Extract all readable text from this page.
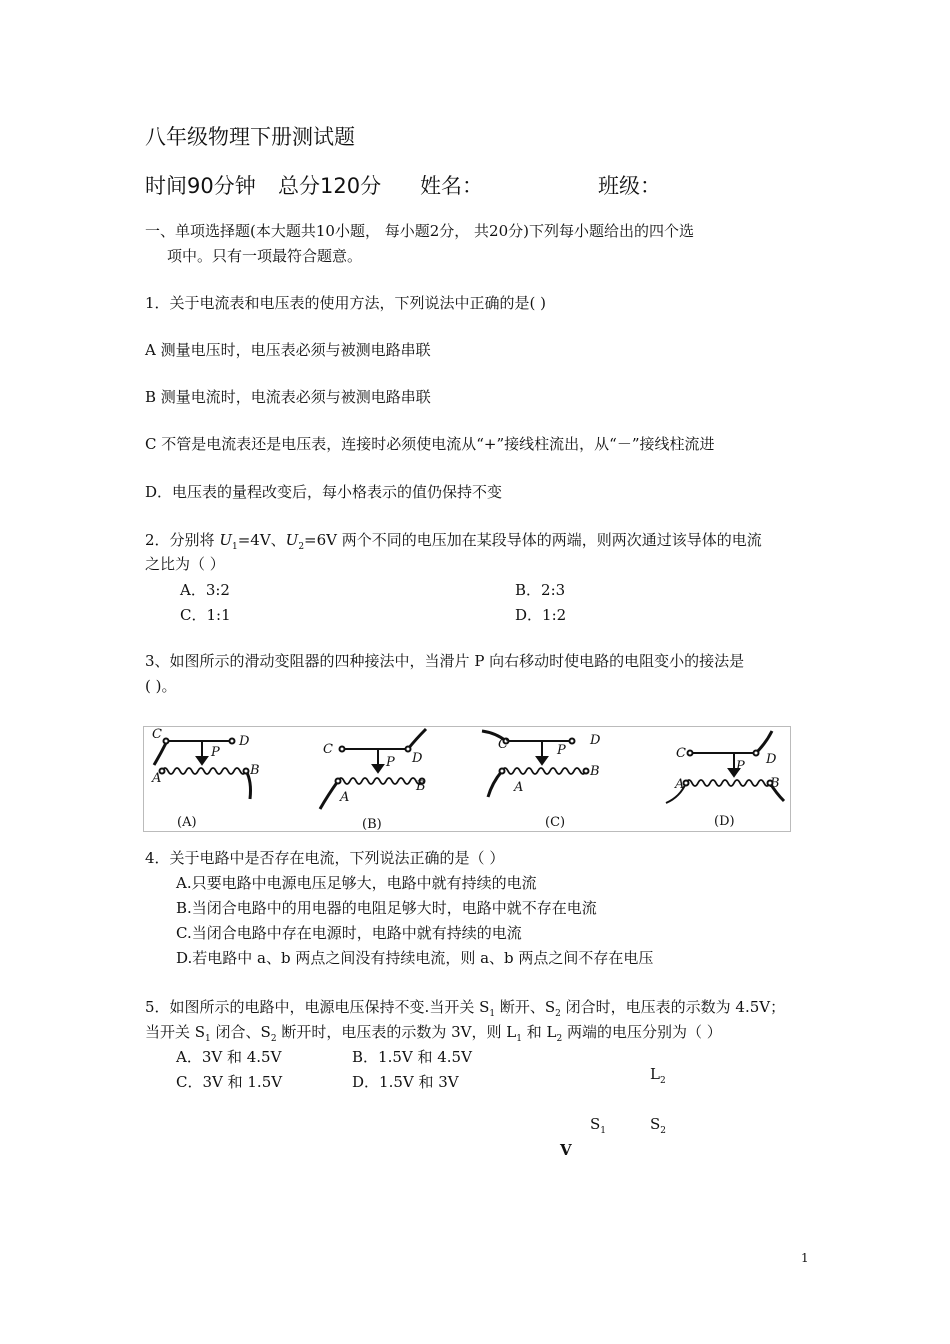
八年级物理下册测试题
时间90分钟 总分120分 姓名：	班级：
一、单项选择题(本大题共10小题， 每小题2分， 共20分)下列每小题给出的四个选
项中。只有一项最符合题意。
1．关于电流表和电压表的使用方法，下列说法中正确的是( )
A 测量电压时，电压表必须与被测电路串联
B 测量电流时，电流表必须与被测电路串联
C 不管是电流表还是电压表，连接时必须使电流从“+”接线柱流出，从“－”接线柱流进
D．电压表的量程改变后，每小格表示的值仍保持不变
2．分别将 $U_1=4V$、$U_2=6V$ 两个不同的电压加在某段导体的两端，则两次通过该导体的电流
之比为（ ）
A．3:2	B．2:3
C．1:1	D．1:2
3、如图所示的滑动变阻器的四种接法中，当滑片 P 向右移动时使电路的电阻变小的接法是
( )。
C	D
P
A
B
(A)
C
D
P
A
B
(B)
C	D
P
A
B
(C)
C	D
P
A	B
(D)
4．关于电路中是否存在电流，下列说法正确的是（ ）
A.只要电路中电源电压足够大，电路中就有持续的电流
B.当闭合电路中的用电器的电阻足够大时，电路中就不存在电流
C.当闭合电路中存在电源时，电路中就有持续的电流
D.若电路中 a、b 两点之间没有持续电流，则 a、b 两点之间不存在电压
5．如图所示的电路中，电源电压保持不变.当开关 $S_1$ 断开、$S_2$ 闭合时，电压表的示数为 4.5V；
当开关 $S_1$ 闭合、$S_2$ 断开时，电压表的示数为 3V，则 $L_1$ 和 $L_2$ 两端的电压分别为（ ）
A．3V 和 4.5V	B．1.5V 和 4.5V
C．3V 和 1.5V	D．1.5V 和 3V	$L_2$
$S_1$	$S_2$
V
1
